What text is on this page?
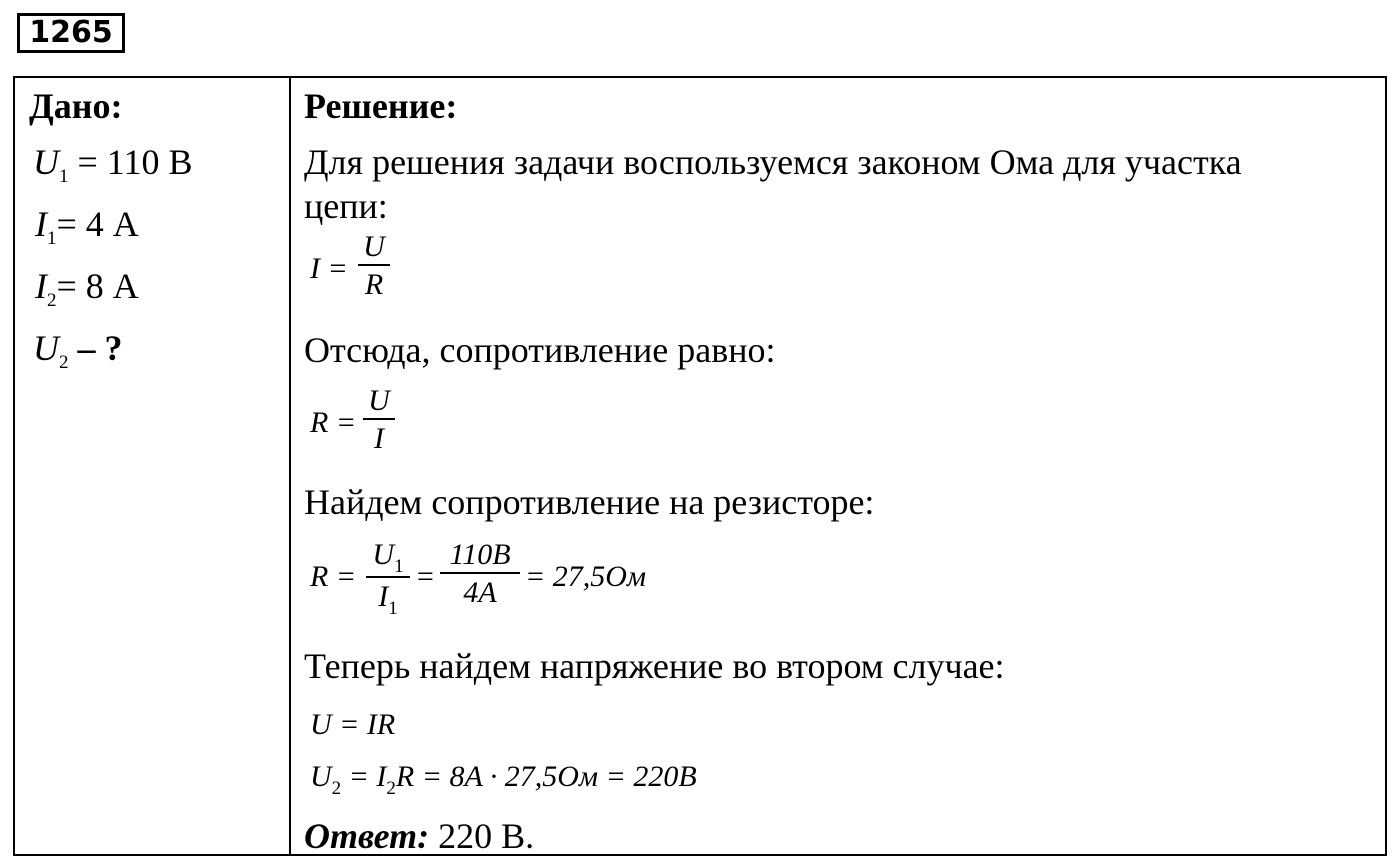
1265
Дано:
$U_1 = 110$ В
$I_1= 4$ А
$I_2= 8$ А
$U_2$ – ?
Решение:
Для решения задачи воспользуемся законом Ома для участка
цепи:
I =
U
R
Отсюда, сопротивление равно:
R =
U
I
Найдем сопротивление на резисторе:
R =
$U_1$
$I_1$
=
110B
4A = 27,5Ом
Теперь найдем напряжение во втором случае:
U = IR
$U_2 = I_2R = 8A \cdot 27,5Ом = 220B$
Ответ: 220 В.
